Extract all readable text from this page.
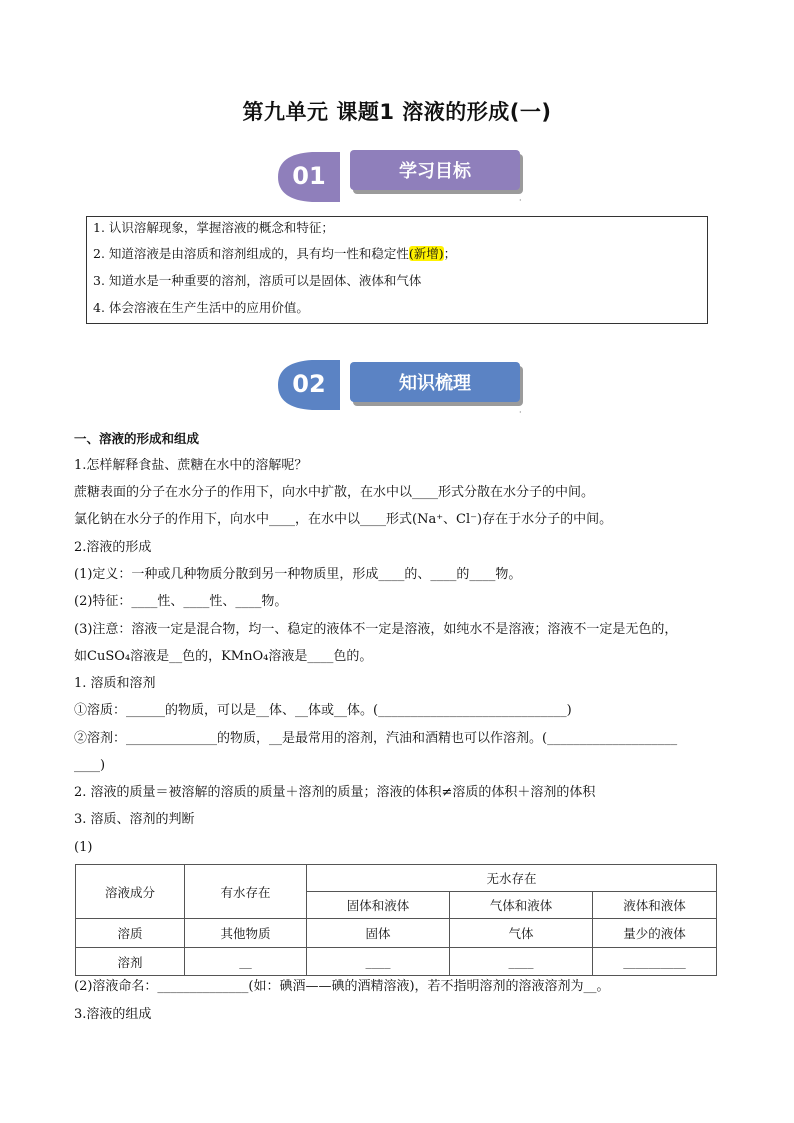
第九单元 课题1 溶液的形成(一)
01	学习目标
·
1. 认识溶解现象，掌握溶液的概念和特征；
2. 知道溶液是由溶质和溶剂组成的，具有均一性和稳定性(新增)；
3. 知道水是一种重要的溶剂，溶质可以是固体、液体和气体
4. 体会溶液在生产生活中的应用价值。
02	知识梳理
·
一、溶液的形成和组成
1.怎样解释食盐、蔗糖在水中的溶解呢？
蔗糖表面的分子在水分子的作用下，向水中扩散，在水中以____形式分散在水分子的中间。
氯化钠在水分子的作用下，向水中____，在水中以____形式(Na⁺、Cl⁻)存在于水分子的中间。
2.溶液的形成
(1)定义：一种或几种物质分散到另一种物质里，形成____的、____的____物。
(2)特征：____性、____性、____物。
(3)注意：溶液一定是混合物，均一、稳定的液体不一定是溶液，如纯水不是溶液；溶液不一定是无色的，
如CuSO₄溶液是__色的，KMnO₄溶液是____色的。
1. 溶质和溶剂
①溶质：______的物质，可以是__体、__体或__体。(_____________________________)
②溶剂：______________的物质，__是最常用的溶剂，汽油和酒精也可以作溶剂。(____________________
____)
2. 溶液的质量＝被溶解的溶质的质量＋溶剂的质量；溶液的体积≠溶质的体积＋溶剂的体积
3. 溶质、溶剂的判断
(1)
溶液成分	有水存在	无水存在		
		固体和液体	气体和液体	液体和液体
溶质	其他物质	固体	气体	量少的液体
溶剂	__	____	____	__________
(2)溶液命名：______________(如：碘酒——碘的酒精溶液)，若不指明溶剂的溶液溶剂为__。
3.溶液的组成
